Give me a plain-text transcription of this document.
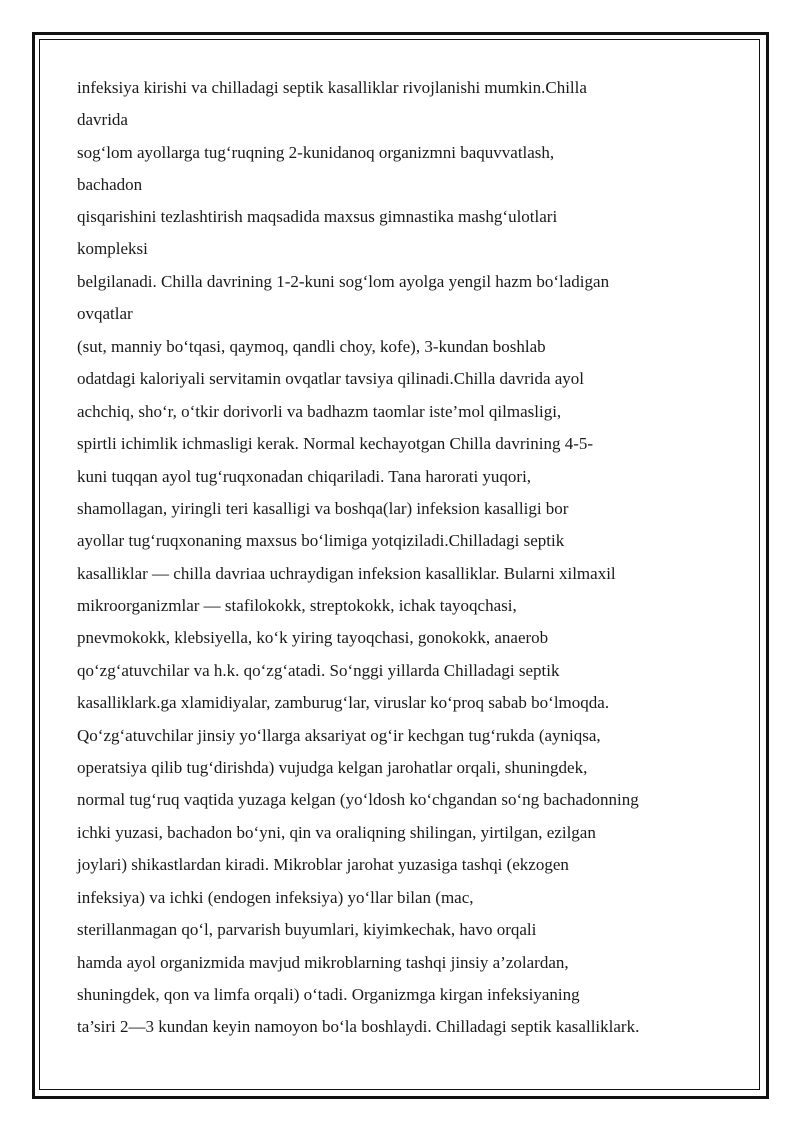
infeksiya kirishi va chilladagi septik kasalliklar rivojlanishi mumkin.Chilla
davrida
sog‘lom ayollarga tug‘ruqning 2-kunidanoq organizmni baquvvatlash,
bachadon
qisqarishini tezlashtirish maqsadida maxsus gimnastika mashg‘ulotlari
kompleksi
belgilanadi. Chilla davrining 1-2-kuni sog‘lom ayolga yengil hazm bo‘ladigan
ovqatlar
(sut, manniy bo‘tqasi, qaymoq, qandli choy, kofe), 3-kundan boshlab
odatdagi kaloriyali servitamin ovqatlar tavsiya qilinadi.Chilla davrida ayol
achchiq, sho‘r, o‘tkir dorivorli va badhazm taomlar iste’mol qilmasligi,
spirtli ichimlik ichmasligi kerak. Normal kechayotgan Chilla davrining 4-5-
kuni tuqqan ayol tug‘ruqxonadan chiqariladi. Tana harorati yuqori,
shamollagan, yiringli teri kasalligi va boshqa(lar) infeksion kasalligi bor
ayollar tug‘ruqxonaning maxsus bo‘limiga yotqiziladi.Chilladagi septik
kasalliklar — chilla davriaa uchraydigan infeksion kasalliklar. Bularni xilmaxil
mikroorganizmlar — stafilokokk, streptokokk, ichak tayoqchasi,
pnevmokokk, klebsiyella, ko‘k yiring tayoqchasi, gonokokk, anaerob
qo‘zg‘atuvchilar va h.k. qo‘zg‘atadi. So‘nggi yillarda Chilladagi septik
kasalliklark.ga xlamidiyalar, zamburug‘lar, viruslar ko‘proq sabab bo‘lmoqda.
Qo‘zg‘atuvchilar jinsiy yo‘llarga aksariyat og‘ir kechgan tug‘rukda (ayniqsa,
operatsiya qilib tug‘dirishda) vujudga kelgan jarohatlar orqali, shuningdek,
normal tug‘ruq vaqtida yuzaga kelgan (yo‘ldosh ko‘chgandan so‘ng bachadonning
ichki yuzasi, bachadon bo‘yni, qin va oraliqning shilingan, yirtilgan, ezilgan
joylari) shikastlardan kiradi. Mikroblar jarohat yuzasiga tashqi (ekzogen
infeksiya) va ichki (endogen infeksiya) yo‘llar bilan (mac,
sterillanmagan qo‘l, parvarish buyumlari, kiyimkechak, havo orqali
hamda ayol organizmida mavjud mikroblarning tashqi jinsiy a’zolardan,
shuningdek, qon va limfa orqali) o‘tadi. Organizmga kirgan infeksiyaning
ta’siri 2—3 kundan keyin namoyon bo‘la boshlaydi. Chilladagi septik kasalliklark.
